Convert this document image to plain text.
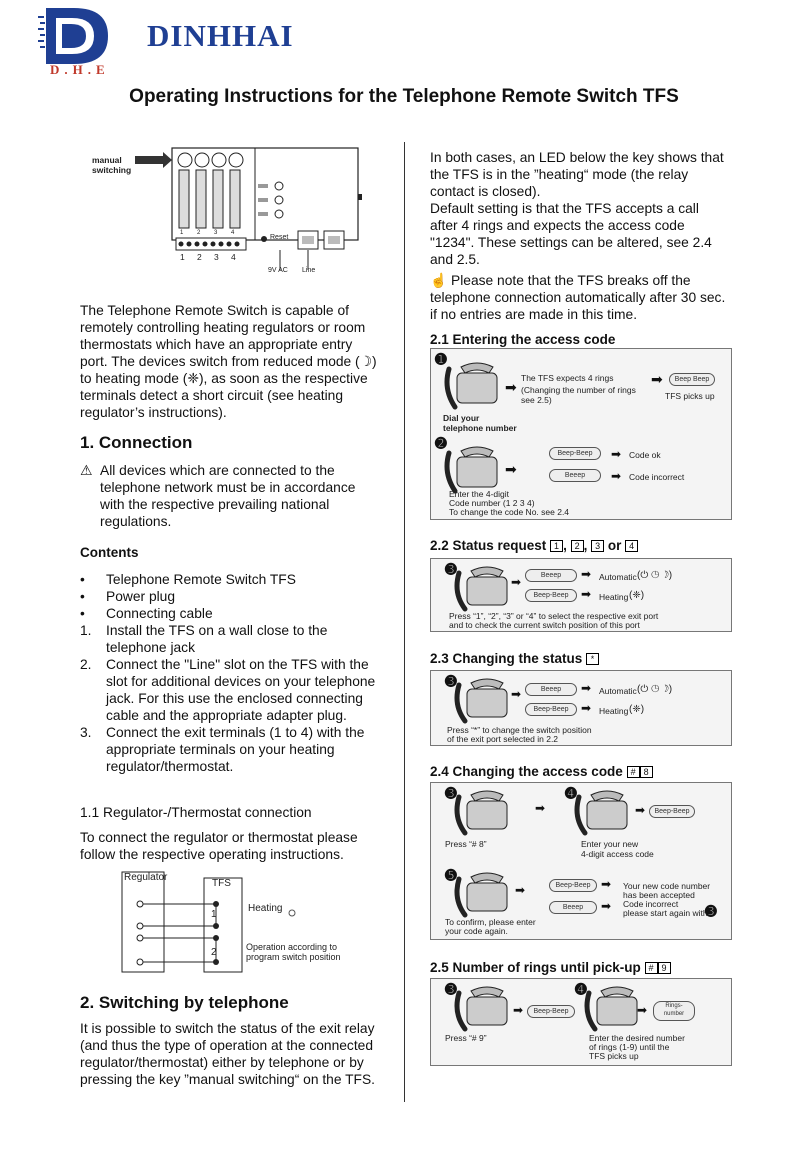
DINHHAI
D.H.E
Operating Instructions for the Telephone Remote Switch TFS
manual
switching
1 2 3 4
1 2 3 4
Reset
9V AC Line
The Telephone Remote Switch is capable of remotely controlling heating regulators or room thermostats which have an appropriate entry port. The devices switch from reduced mode (☽) to heating mode (❈), as soon as the respective terminals detect a short circuit (see heating regulator’s instructions).
1. Connection
⚠ All devices which are connected to the telephone network must be in accordance with the respective prevailing national regulations.
Contents
• Telephone Remote Switch TFS
• Power plug
• Connecting cable
1. Install the TFS on a wall close to the telephone jack
2. Connect the "Line" slot on the TFS with the slot for additional devices on your telephone jack. For this use the enclosed connecting cable and the appropriate adapter plug.
3. Connect the exit terminals (1 to 4) with the appropriate terminals on your heating regulator/thermostat.
1.1 Regulator-/Thermostat connection
To connect the regulator or thermostat please follow the respective operating instructions.
Regulator
TFS
Heating
1
2	Operation according to
program switch position
2. Switching by telephone
It is possible to switch the status of the exit relay (and thus the type of operation at the connected regulator/thermostat) either by telephone or by pressing the key ”manual switching“ on the TFS.
In both cases, an LED below the key shows that the TFS is in the ”heating“ mode (the relay contact is closed).
Default setting is that the TFS accepts a call after 4 rings and expects the access code "1234". These settings can be altered, see 2.4 and 2.5.
☝ Please note that the TFS breaks off the telephone connection automatically after 30 sec. if no entries are made in this time.
2.1 Entering the access code
➊
➋
➡	➡
➡
➡
➡
The TFS expects 4 rings
(Changing the number of rings
see 2.5)
Beep Beep
TFS picks up
Dial your
telephone number
Beep-Beep
Beeep
Code ok
Code incorrect
Enter the 4-digit
Code number (1 2 3 4)
To change the code No. see 2.4
2.2 Status request 1 , 2 , 3 or 4
➌
➡	Beeep
Beep-Beep
➡
➡
Automatic (⏻ ◷ ☽)
Heating (❈)
Press “1”, “2”, “3” or “4” to select the respective exit port
and to check the current switch position of this port
2.3 Changing the status *
➌
➡	Beeep
Beep-Beep
➡
➡
Automatic (⏻ ◷ ☽)
Heating (❈)
Press “*” to change the switch position
of the exit port selected in 2.2
2.4 Changing the access code # 8
➌	➍
➎
➡	➡	Beep-Beep
Press “# 8”	Enter your new
4-digit access code
➡	Beep-Beep
Beeep
➡
➡
Your new code number
has been accepted
Code incorrect
please start again with
➌
To confirm, please enter
your code again.
2.5 Number of rings until pick-up # 9
➌	➍
➡	Beep-Beep	➡	Rings-
number
Press “# 9”	Enter the desired number
of rings (1-9) until the
TFS picks up
